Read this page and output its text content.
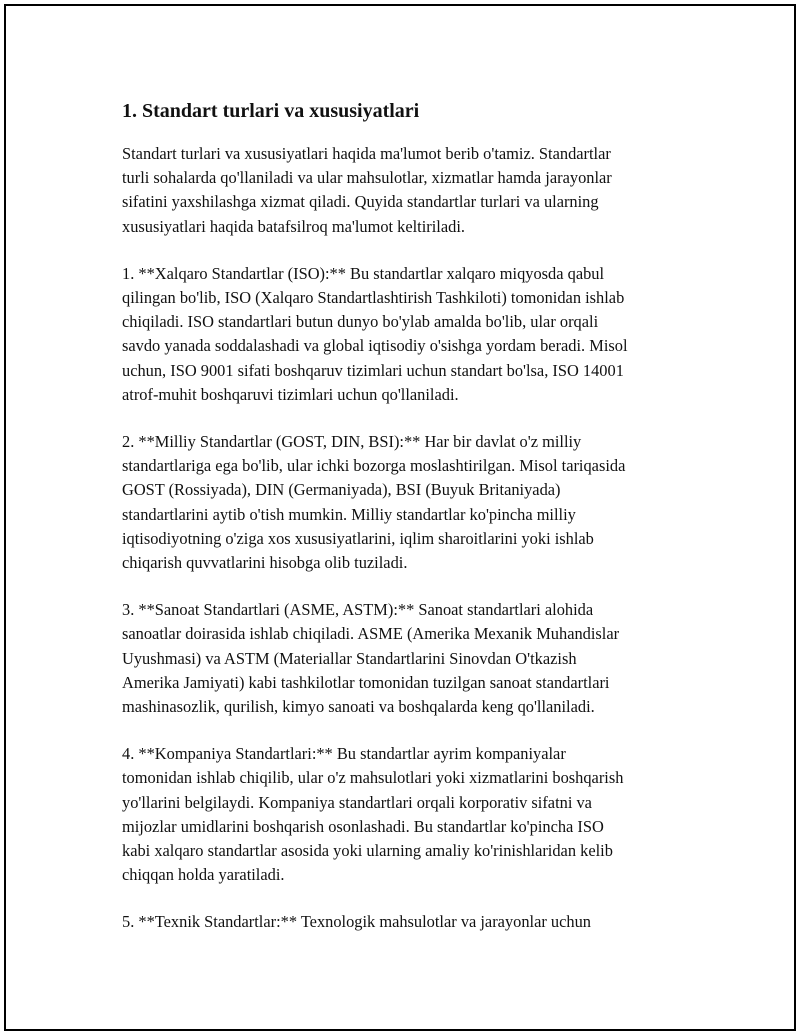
1. Standart turlari va xususiyatlari

Standart turlari va xususiyatlari haqida ma'lumot berib o'tamiz. Standartlar
turli sohalarda qo'llaniladi va ular mahsulotlar, xizmatlar hamda jarayonlar
sifatini yaxshilashga xizmat qiladi. Quyida standartlar turlari va ularning
xususiyatlari haqida batafsilroq ma'lumot keltiriladi.

1. **Xalqaro Standartlar (ISO):** Bu standartlar xalqaro miqyosda qabul
qilingan bo'lib, ISO (Xalqaro Standartlashtirish Tashkiloti) tomonidan ishlab
chiqiladi. ISO standartlari butun dunyo bo'ylab amalda bo'lib, ular orqali
savdo yanada soddalashadi va global iqtisodiy o'sishga yordam beradi. Misol
uchun, ISO 9001 sifati boshqaruv tizimlari uchun standart bo'lsa, ISO 14001
atrof-muhit boshqaruvi tizimlari uchun qo'llaniladi.

2. **Milliy Standartlar (GOST, DIN, BSI):** Har bir davlat o'z milliy
standartlariga ega bo'lib, ular ichki bozorga moslashtirilgan. Misol tariqasida
GOST (Rossiyada), DIN (Germaniyada), BSI (Buyuk Britaniyada)
standartlarini aytib o'tish mumkin. Milliy standartlar ko'pincha milliy
iqtisodiyotning o'ziga xos xususiyatlarini, iqlim sharoitlarini yoki ishlab
chiqarish quvvatlarini hisobga olib tuziladi.

3. **Sanoat Standartlari (ASME, ASTM):** Sanoat standartlari alohida
sanoatlar doirasida ishlab chiqiladi. ASME (Amerika Mexanik Muhandislar
Uyushmasi) va ASTM (Materiallar Standartlarini Sinovdan O'tkazish
Amerika Jamiyati) kabi tashkilotlar tomonidan tuzilgan sanoat standartlari
mashinasozlik, qurilish, kimyo sanoati va boshqalarda keng qo'llaniladi.

4. **Kompaniya Standartlari:** Bu standartlar ayrim kompaniyalar
tomonidan ishlab chiqilib, ular o'z mahsulotlari yoki xizmatlarini boshqarish
yo'llarini belgilaydi. Kompaniya standartlari orqali korporativ sifatni va
mijozlar umidlarini boshqarish osonlashadi. Bu standartlar ko'pincha ISO
kabi xalqaro standartlar asosida yoki ularning amaliy ko'rinishlaridan kelib
chiqqan holda yaratiladi.

5. **Texnik Standartlar:** Texnologik mahsulotlar va jarayonlar uchun
